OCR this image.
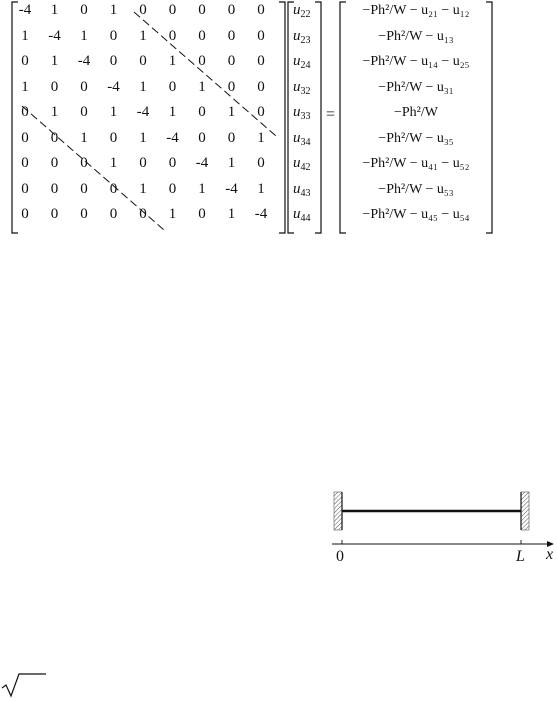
-4	1	0	1	0	0	0	0	0
1	-4	1	0	1	0	0	0	0
0	1	-4	0	0	1	0	0	0
1	0	0	-4	1	0	1	0	0
0	1	0	1	-4	1	0	1	0
0	0	1	0	1	-4	0	0	1
0	0	0	1	0	0	-4	1	0
0	0	0	0	1	0	1	-4	1
0	0	0	0	0	1	0	1	-4
$u_{22}$
$u_{23}$
$u_{24}$
$u_{32}$
$u_{33}$
$u_{34}$
$u_{42}$
$u_{43}$
$u_{44}$
=
−Ph²/W − u₂₁ − u₁₂
−Ph²/W − u₁₃
−Ph²/W − u₁₄ − u₂₅
−Ph²/W − u₃₁
−Ph²/W
−Ph²/W − u₃₅
−Ph²/W − u₄₁ − u₅₂
−Ph²/W − u₅₃
−Ph²/W − u₄₅ − u₅₄
0	L x
